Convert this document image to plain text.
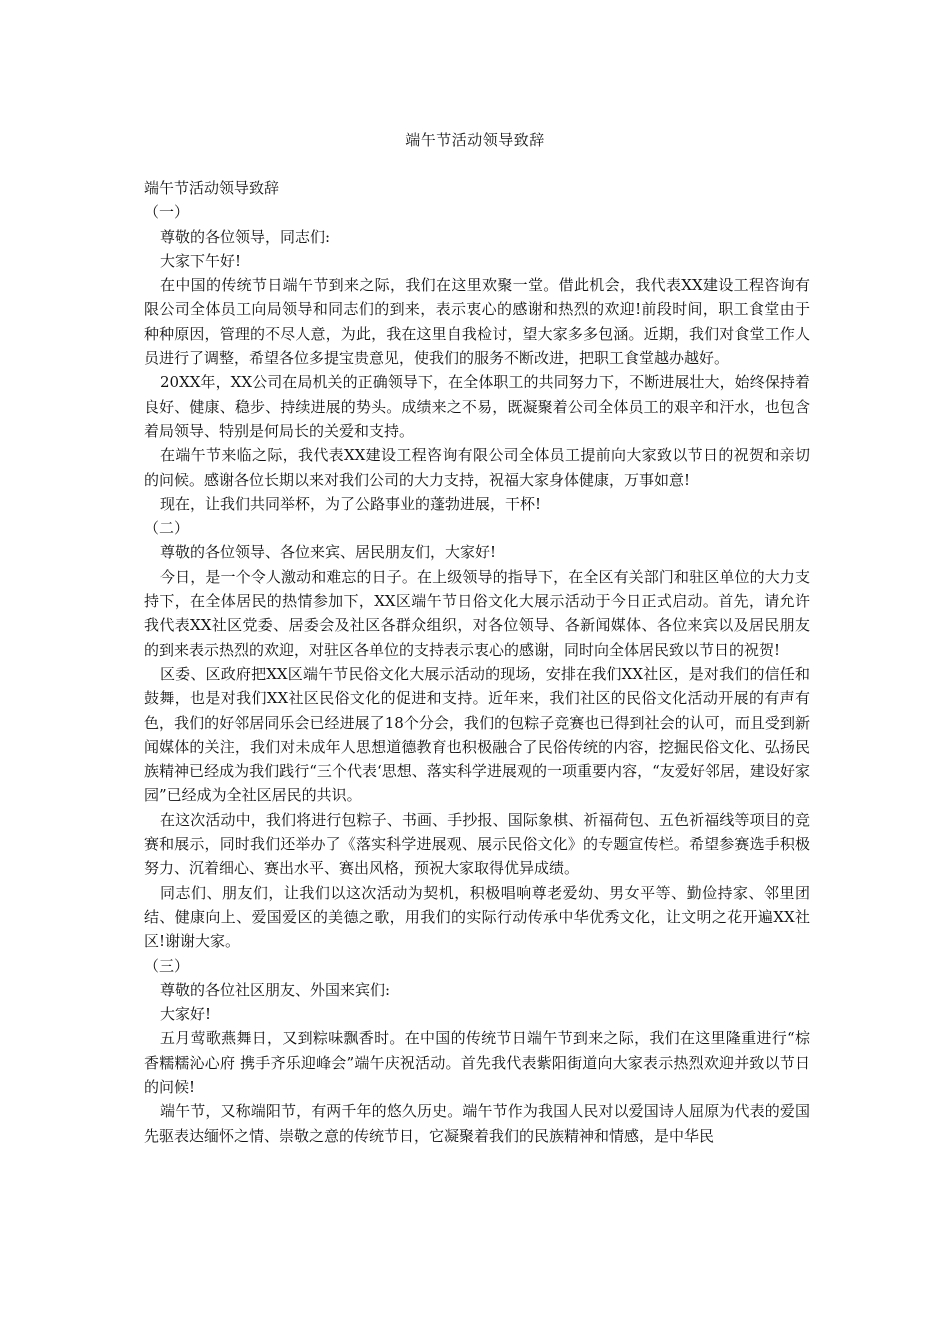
端午节活动领导致辞

端午节活动领导致辞

（一）

尊敬的各位领导，同志们:

大家下午好!

在中国的传统节日端午节到来之际，我们在这里欢聚一堂。借此机会，我代表XX建设工程咨询有限公司全体员工向局领导和同志们的到来，表示衷心的感谢和热烈的欢迎!前段时间，职工食堂由于种种原因，管理的不尽人意，为此，我在这里自我检讨，望大家多多包涵。近期，我们对食堂工作人员进行了调整，希望各位多提宝贵意见，使我们的服务不断改进，把职工食堂越办越好。

20XX年，XX公司在局机关的正确领导下，在全体职工的共同努力下，不断进展壮大，始终保持着良好、健康、稳步、持续进展的势头。成绩来之不易，既凝聚着公司全体员工的艰辛和汗水，也包含着局领导、特别是何局长的关爱和支持。

在端午节来临之际，我代表XX建设工程咨询有限公司全体员工提前向大家致以节日的祝贺和亲切的问候。感谢各位长期以来对我们公司的大力支持，祝福大家身体健康，万事如意!

现在，让我们共同举杯，为了公路事业的蓬勃进展，干杯!

（二）

尊敬的各位领导、各位来宾、居民朋友们，大家好!

今日，是一个令人激动和难忘的日子。在上级领导的指导下，在全区有关部门和驻区单位的大力支持下，在全体居民的热情参加下，XX区端午节日俗文化大展示活动于今日正式启动。首先，请允许我代表XX社区党委、居委会及社区各群众组织，对各位领导、各新闻媒体、各位来宾以及居民朋友的到来表示热烈的欢迎，对驻区各单位的支持表示衷心的感谢，同时向全体居民致以节日的祝贺!

区委、区政府把XX区端午节民俗文化大展示活动的现场，安排在我们XX社区，是对我们的信任和鼓舞，也是对我们XX社区民俗文化的促进和支持。近年来，我们社区的民俗文化活动开展的有声有色，我们的好邻居同乐会已经进展了18个分会，我们的包粽子竞赛也已得到社会的认可，而且受到新闻媒体的关注，我们对未成年人思想道德教育也积极融合了民俗传统的内容，挖掘民俗文化、弘扬民族精神已经成为我们践行“三个代表‘思想、落实科学进展观的一项重要内容，“友爱好邻居，建设好家园”已经成为全社区居民的共识。

在这次活动中，我们将进行包粽子、书画、手抄报、国际象棋、祈福荷包、五色祈福线等项目的竞赛和展示，同时我们还举办了《落实科学进展观、展示民俗文化》的专题宣传栏。希望参赛选手积极努力、沉着细心、赛出水平、赛出风格，预祝大家取得优异成绩。

同志们、朋友们，让我们以这次活动为契机，积极唱响尊老爱幼、男女平等、勤俭持家、邻里团结、健康向上、爱国爱区的美德之歌，用我们的实际行动传承中华优秀文化，让文明之花开遍XX社区!谢谢大家。

（三）

尊敬的各位社区朋友、外国来宾们:

大家好!

五月莺歌燕舞日，又到粽味飘香时。在中国的传统节日端午节到来之际，我们在这里隆重进行“棕香糯糯沁心府 携手齐乐迎峰会”端午庆祝活动。首先我代表紫阳街道向大家表示热烈欢迎并致以节日的问候!

端午节，又称端阳节，有两千年的悠久历史。端午节作为我国人民对以爱国诗人屈原为代表的爱国先驱表达缅怀之情、崇敬之意的传统节日，它凝聚着我们的民族精神和情感，是中华民
